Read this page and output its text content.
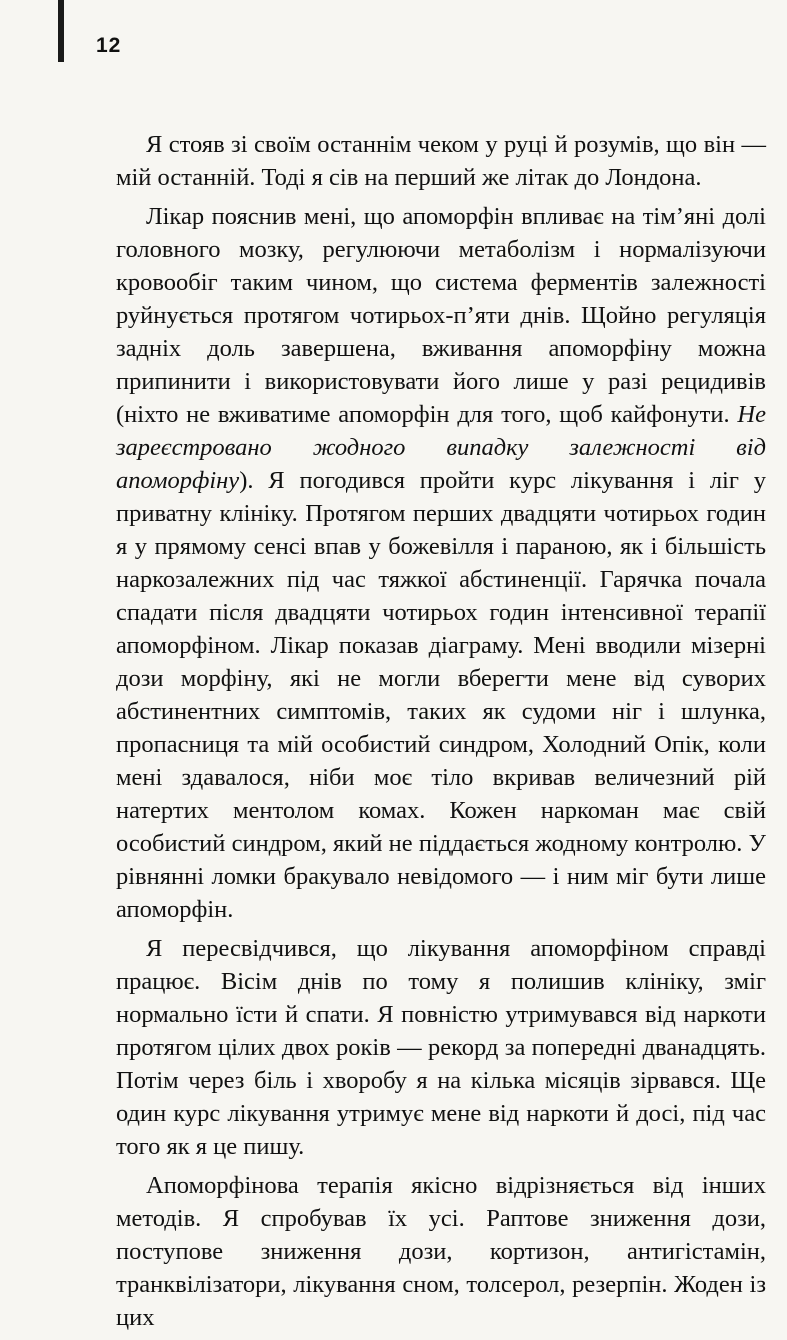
12

Я стояв зі своїм останнім чеком у руці й розумів, що він — мій останній. Тоді я сів на перший же літак до Лондона.

Лікар пояснив мені, що апоморфін впливає на тім’яні долі головного мозку, регулюючи метаболізм і нормалізуючи кровообіг таким чином, що система ферментів залежності руйнується протягом чотирьох-п’яти днів. Щойно регуляція задніх доль завершена, вживання апоморфіну можна припинити і використовувати його лише у разі рецидивів (ніхто не вживатиме апоморфін для того, щоб кайфонути. Не зареєстровано жодного випадку залежності від апоморфіну). Я погодився пройти курс лікування і ліг у приватну клініку. Протягом перших двадцяти чотирьох годин я у прямому сенсі впав у божевілля і параною, як і більшість наркозалежних під час тяжкої абстиненції. Гарячка почала спадати після двадцяти чотирьох годин інтенсивної терапії апоморфіном. Лікар показав діаграму. Мені вводили мізерні дози морфіну, які не могли вберегти мене від суворих абстинентних симптомів, таких як судоми ніг і шлунка, пропасниця та мій особистий синдром, Холодний Опік, коли мені здавалося, ніби моє тіло вкривав величезний рій натертих ментолом комах. Кожен наркоман має свій особистий синдром, який не піддається жодному контролю. У рівнянні ломки бракувало невідомого — і ним міг бути лише апоморфін.

Я пересвідчився, що лікування апоморфіном справді працює. Вісім днів по тому я полишив клініку, зміг нормально їсти й спати. Я повністю утримувався від наркоти протягом цілих двох років — рекорд за попередні дванадцять. Потім через біль і хворобу я на кілька місяців зірвався. Ще один курс лікування утримує мене від наркоти й досі, під час того як я це пишу.

Апоморфінова терапія якісно відрізняється від інших методів. Я спробував їх усі. Раптове зниження дози, поступове зниження дози, кортизон, антигістамін, транквілізатори, лікування сном, толсерол, резерпін. Жоден із цих
